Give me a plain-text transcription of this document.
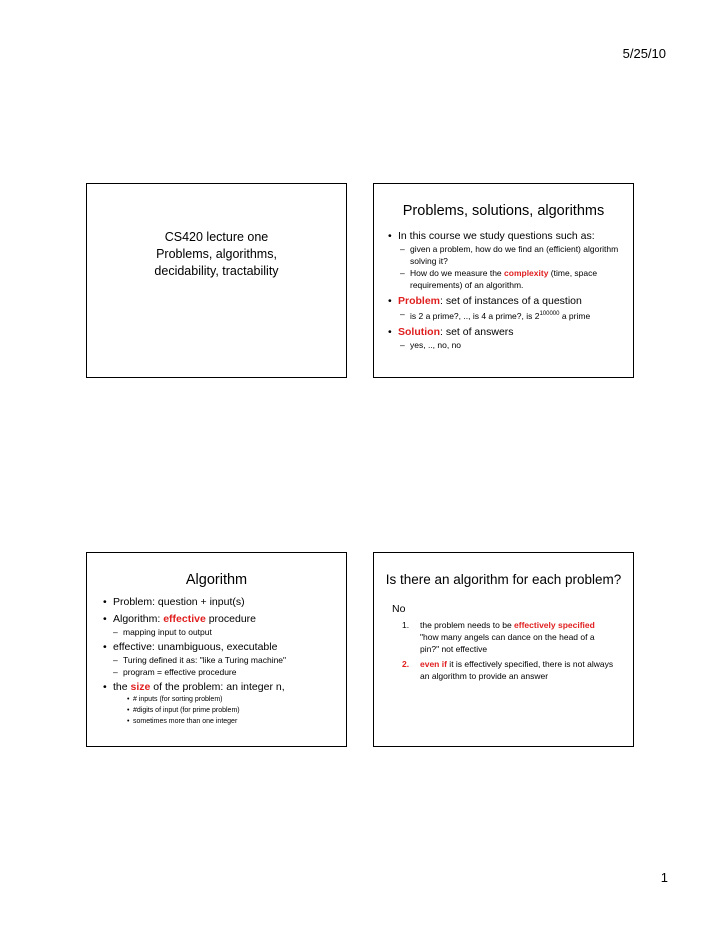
5/25/10
CS420 lecture one
Problems, algorithms,
decidability, tractability
Problems, solutions, algorithms
• In this course we study questions such as:
– given a problem, how do we find an (efficient) algorithm solving it?
– How do we measure the complexity (time, space requirements) of an algorithm.
• Problem: set of instances of a question
– is 2 a prime?, .., is 4 a prime?, is $2^{100000}$ a prime
• Solution: set of answers
– yes, .., no, no
Algorithm
• Problem: question + input(s)
• Algorithm: effective procedure
– mapping input to output
• effective: unambiguous, executable
– Turing defined it as: "like a Turing machine"
– program = effective procedure
• the size of the problem: an integer n,
• # inputs (for sorting problem)
• #digits of input (for prime problem)
• sometimes more than one integer
Is there an algorithm for each problem?
No
1. the problem needs to be effectively specified "how many angels can dance on the head of a pin?" not effective
2. even if it is effectively specified, there is not always an algorithm to provide an answer
1
